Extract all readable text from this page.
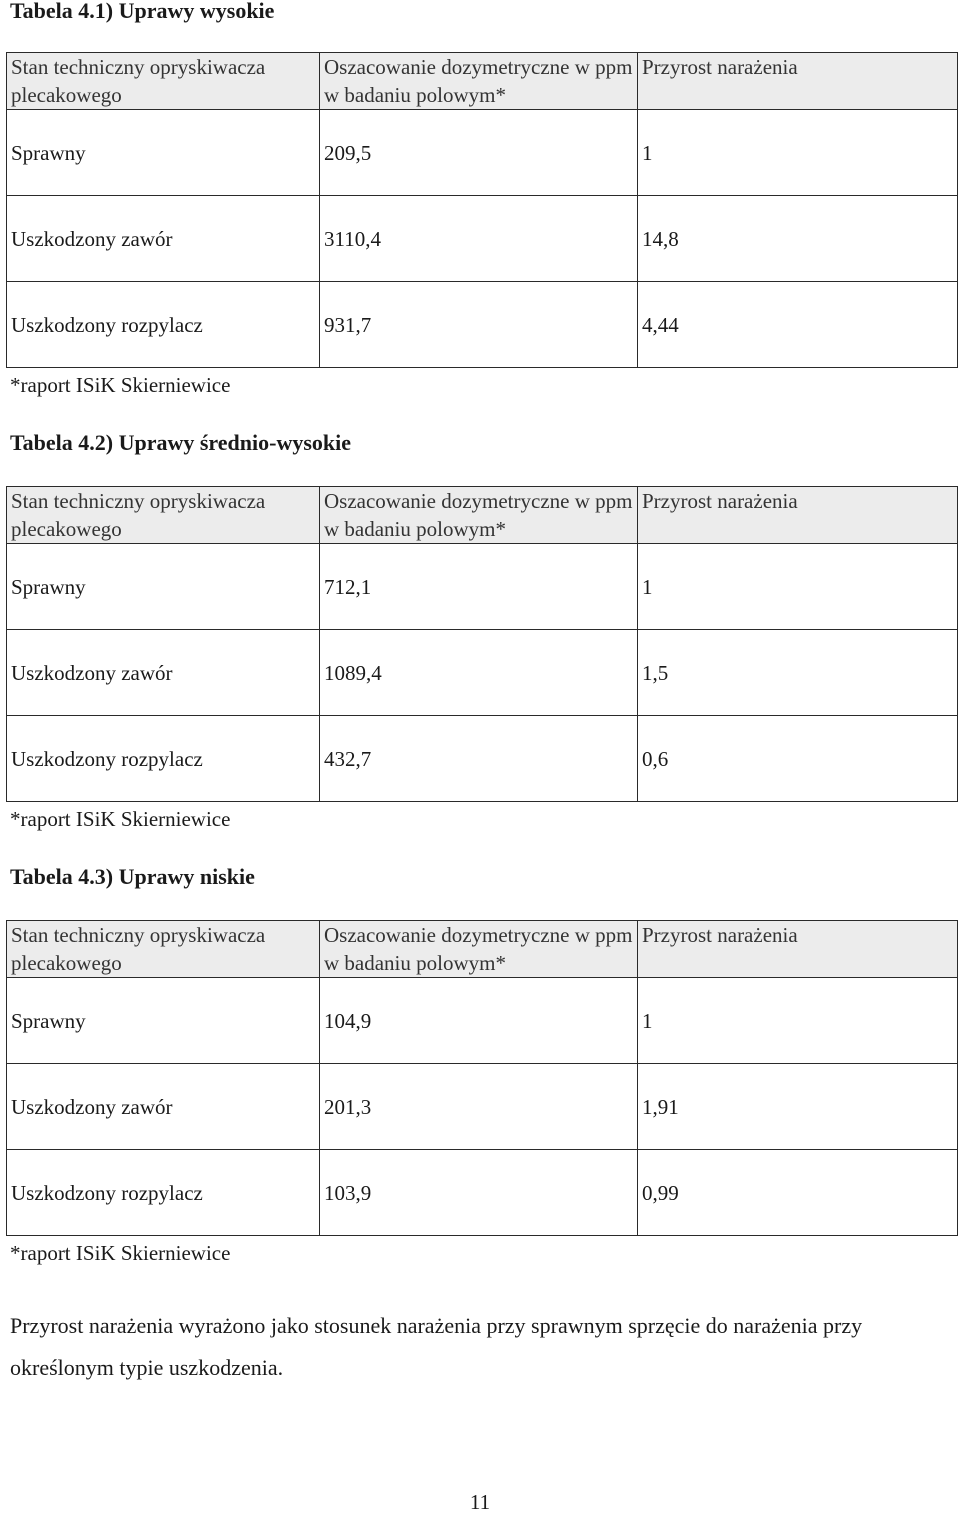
Tabela 4.1) Uprawy wysokie
Stan techniczny opryskiwacza plecakowego	Oszacowanie dozymetryczne w ppm w badaniu polowym*	Przyrost narażenia
Sprawny	209,5	1
Uszkodzony zawór	3110,4	14,8
Uszkodzony rozpylacz	931,7	4,44
*raport ISiK Skierniewice
Tabela 4.2) Uprawy średnio-wysokie
Stan techniczny opryskiwacza plecakowego	Oszacowanie dozymetryczne w ppm w badaniu polowym*	Przyrost narażenia
Sprawny	712,1	1
Uszkodzony zawór	1089,4	1,5
Uszkodzony rozpylacz	432,7	0,6
*raport ISiK Skierniewice
Tabela 4.3) Uprawy niskie
Stan techniczny opryskiwacza plecakowego	Oszacowanie dozymetryczne w ppm w badaniu polowym*	Przyrost narażenia
Sprawny	104,9	1
Uszkodzony zawór	201,3	1,91
Uszkodzony rozpylacz	103,9	0,99
*raport ISiK Skierniewice
Przyrost narażenia wyrażono jako stosunek narażenia przy sprawnym sprzęcie do narażenia przy określonym typie uszkodzenia.
11
